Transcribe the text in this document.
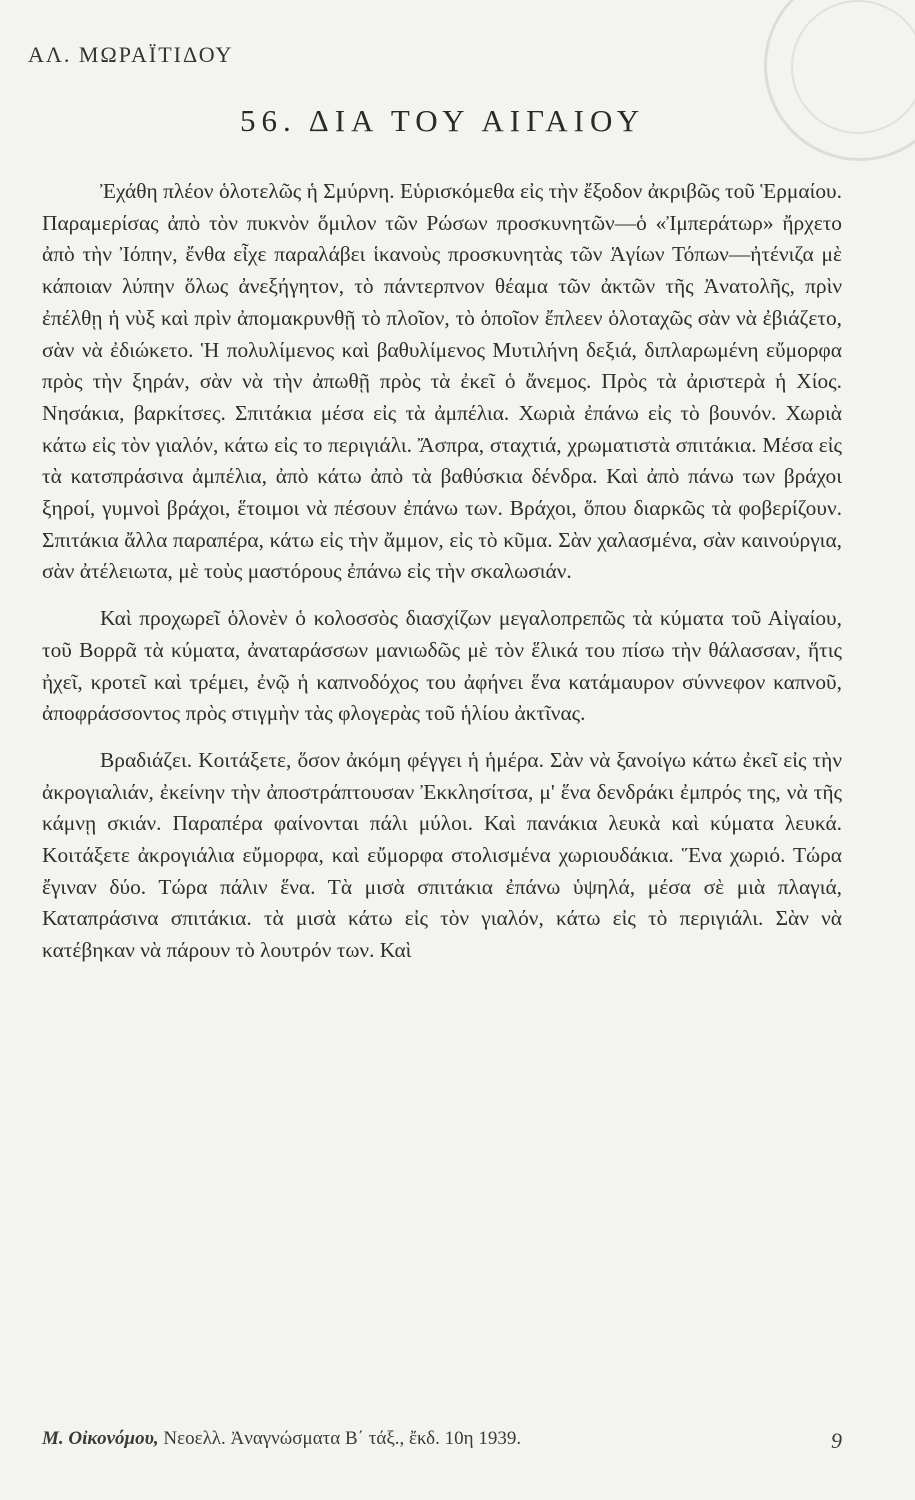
ΑΛ. ΜΩΡΑΪΤΙΔΟΥ
56. ΔΙΑ ΤΟΥ ΑΙΓΑΙΟΥ

Ἐχάθη πλέον ὁλοτελῶς ἡ Σμύρνη. Εὑρισκόμεθα εἰς τὴν ἔξοδον ἀκριβῶς τοῦ Ἑρμαίου. Παραμερίσας ἀπὸ τὸν πυκνὸν ὅμιλον τῶν Ρώσων προσκυνητῶν—ὁ «Ἰμπεράτωρ» ἤρχετο ἀπὸ τὴν Ἰόπην, ἔνθα εἶχε παραλάβει ἱκανοὺς προσκυνητὰς τῶν Ἁγίων Τόπων—ἠτένιζα μὲ κάποιαν λύπην ὅλως ἀνεξήγητον, τὸ πάντερπνον θέαμα τῶν ἀκτῶν τῆς Ἀνατολῆς, πρὶν ἐπέλθῃ ἡ νὺξ καὶ πρὶν ἀπομακρυνθῇ τὸ πλοῖον, τὸ ὁποῖον ἔπλεεν ὁλοταχῶς σὰν νὰ ἐβιάζετο, σὰν νὰ ἐδιώκετο. Ἡ πολυλίμενος καὶ βαθυλίμενος Μυτιλήνη δεξιά, διπλαρωμένη εὔμορφα πρὸς τὴν ξηράν, σὰν νὰ τὴν ἀπωθῇ πρὸς τὰ ἐκεῖ ὁ ἄνεμος. Πρὸς τὰ ἀριστερὰ ἡ Χίος. Νησάκια, βαρκίτσες. Σπιτάκια μέσα εἰς τὰ ἀμπέλια. Χωριὰ ἐπάνω εἰς τὸ βουνόν. Χωριὰ κάτω εἰς τὸν γιαλόν, κάτω εἰς το περιγιάλι. Ἄσπρα, σταχτιά, χρωματιστὰ σπιτάκια. Μέσα εἰς τὰ κατσπράσινα ἀμπέλια, ἀπὸ κάτω ἀπὸ τὰ βαθύσκια δένδρα. Καὶ ἀπὸ πάνω των βράχοι ξηροί, γυμνοὶ βράχοι, ἕτοιμοι νὰ πέσουν ἐπάνω των. Βράχοι, ὅπου διαρκῶς τὰ φοβερίζουν. Σπιτάκια ἄλλα παραπέρα, κάτω εἰς τὴν ἄμμον, εἰς τὸ κῦμα. Σὰν χαλασμένα, σὰν καινούργια, σὰν ἀτέλειωτα, μὲ τοὺς μαστόρους ἐπάνω εἰς τὴν σκαλωσιάν.

Καὶ προχωρεῖ ὁλονὲν ὁ κολοσσὸς διασχίζων μεγαλοπρεπῶς τὰ κύματα τοῦ Αἰγαίου, τοῦ Βορρᾶ τὰ κύματα, ἀναταράσσων μανιωδῶς μὲ τὸν ἕλικά του πίσω τὴν θάλασσαν, ἥτις ἠχεῖ, κροτεῖ καὶ τρέμει, ἐνῷ ἡ καπνοδόχος του ἀφήνει ἕνα κατάμαυρον σύννεφον καπνοῦ, ἀποφράσσοντος πρὸς στιγμὴν τὰς φλογερὰς τοῦ ἡλίου ἀκτῖνας.

Βραδιάζει. Κοιτάξετε, ὅσον ἀκόμη φέγγει ἡ ἡμέρα. Σὰν νὰ ξανοίγω κάτω ἐκεῖ εἰς τὴν ἀκρογιαλιάν, ἐκείνην τὴν ἀποστράπτουσαν Ἐκκλησίτσα, μ' ἕνα δενδράκι ἐμπρός της, νὰ τῆς κάμνῃ σκιάν. Παραπέρα φαίνονται πάλι μύλοι. Καὶ πανάκια λευκὰ καὶ κύματα λευκά. Κοιτάξετε ἀκρογιάλια εὔμορφα, καὶ εὔμορφα στολισμένα χωριουδάκια. Ἕνα χωριό. Τώρα ἔγιναν δύο. Τώρα πάλιν ἕνα. Τὰ μισὰ σπιτάκια ἐπάνω ὑψηλά, μέσα σὲ μιὰ πλαγιά, Καταπράσινα σπιτάκια. τὰ μισὰ κάτω εἰς τὸν γιαλόν, κάτω εἰς τὸ περιγιάλι. Σὰν νὰ κατέβηκαν νὰ πάρουν τὸ λουτρόν των. Καὶ

Μ. Οἰκονόμου, Νεοελλ. Ἀναγνώσματα Β΄ τάξ., ἔκδ. 10η 1939.	9
